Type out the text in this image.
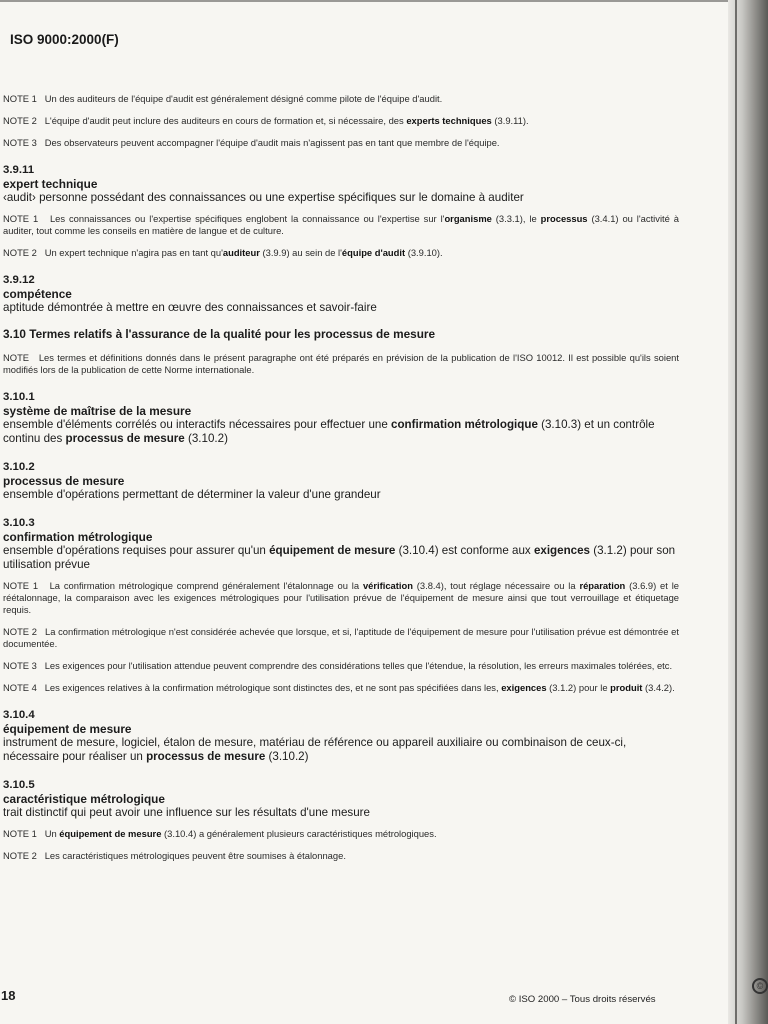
ISO 9000:2000(F)

NOTE 1 Un des auditeurs de l'équipe d'audit est généralement désigné comme pilote de l'équipe d'audit.

NOTE 2 L'équipe d'audit peut inclure des auditeurs en cours de formation et, si nécessaire, des experts techniques (3.9.11).

NOTE 3 Des observateurs peuvent accompagner l'équipe d'audit mais n'agissent pas en tant que membre de l'équipe.

3.9.11
expert technique
‹audit› personne possédant des connaissances ou une expertise spécifiques sur le domaine à auditer

NOTE 1 Les connaissances ou l'expertise spécifiques englobent la connaissance ou l'expertise sur l'organisme (3.3.1), le processus (3.4.1) ou l'activité à auditer, tout comme les conseils en matière de langue et de culture.

NOTE 2 Un expert technique n'agira pas en tant qu'auditeur (3.9.9) au sein de l'équipe d'audit (3.9.10).

3.9.12
compétence
aptitude démontrée à mettre en œuvre des connaissances et savoir-faire
3.10 Termes relatifs à l'assurance de la qualité pour les processus de mesure

NOTE Les termes et définitions donnés dans le présent paragraphe ont été préparés en prévision de la publication de l'ISO 10012. Il est possible qu'ils soient modifiés lors de la publication de cette Norme internationale.

3.10.1
système de maîtrise de la mesure
ensemble d'éléments corrélés ou interactifs nécessaires pour effectuer une confirmation métrologique (3.10.3) et un contrôle continu des processus de mesure (3.10.2)
3.10.2
processus de mesure
ensemble d'opérations permettant de déterminer la valeur d'une grandeur
3.10.3
confirmation métrologique
ensemble d'opérations requises pour assurer qu'un équipement de mesure (3.10.4) est conforme aux exigences (3.1.2) pour son utilisation prévue

NOTE 1 La confirmation métrologique comprend généralement l'étalonnage ou la vérification (3.8.4), tout réglage nécessaire ou la réparation (3.6.9) et le réétalonnage, la comparaison avec les exigences métrologiques pour l'utilisation prévue de l'équipement de mesure ainsi que tout verrouillage et étiquetage requis.

NOTE 2 La confirmation métrologique n'est considérée achevée que lorsque, et si, l'aptitude de l'équipement de mesure pour l'utilisation prévue est démontrée et documentée.

NOTE 3 Les exigences pour l'utilisation attendue peuvent comprendre des considérations telles que l'étendue, la résolution, les erreurs maximales tolérées, etc.

NOTE 4 Les exigences relatives à la confirmation métrologique sont distinctes des, et ne sont pas spécifiées dans les, exigences (3.1.2) pour le produit (3.4.2).

3.10.4
équipement de mesure
instrument de mesure, logiciel, étalon de mesure, matériau de référence ou appareil auxiliaire ou combinaison de ceux-ci, nécessaire pour réaliser un processus de mesure (3.10.2)
3.10.5
caractéristique métrologique
trait distinctif qui peut avoir une influence sur les résultats d'une mesure

NOTE 1 Un équipement de mesure (3.10.4) a généralement plusieurs caractéristiques métrologiques.

NOTE 2 Les caractéristiques métrologiques peuvent être soumises à étalonnage.

18	© ISO 2000 – Tous droits réservés
©
